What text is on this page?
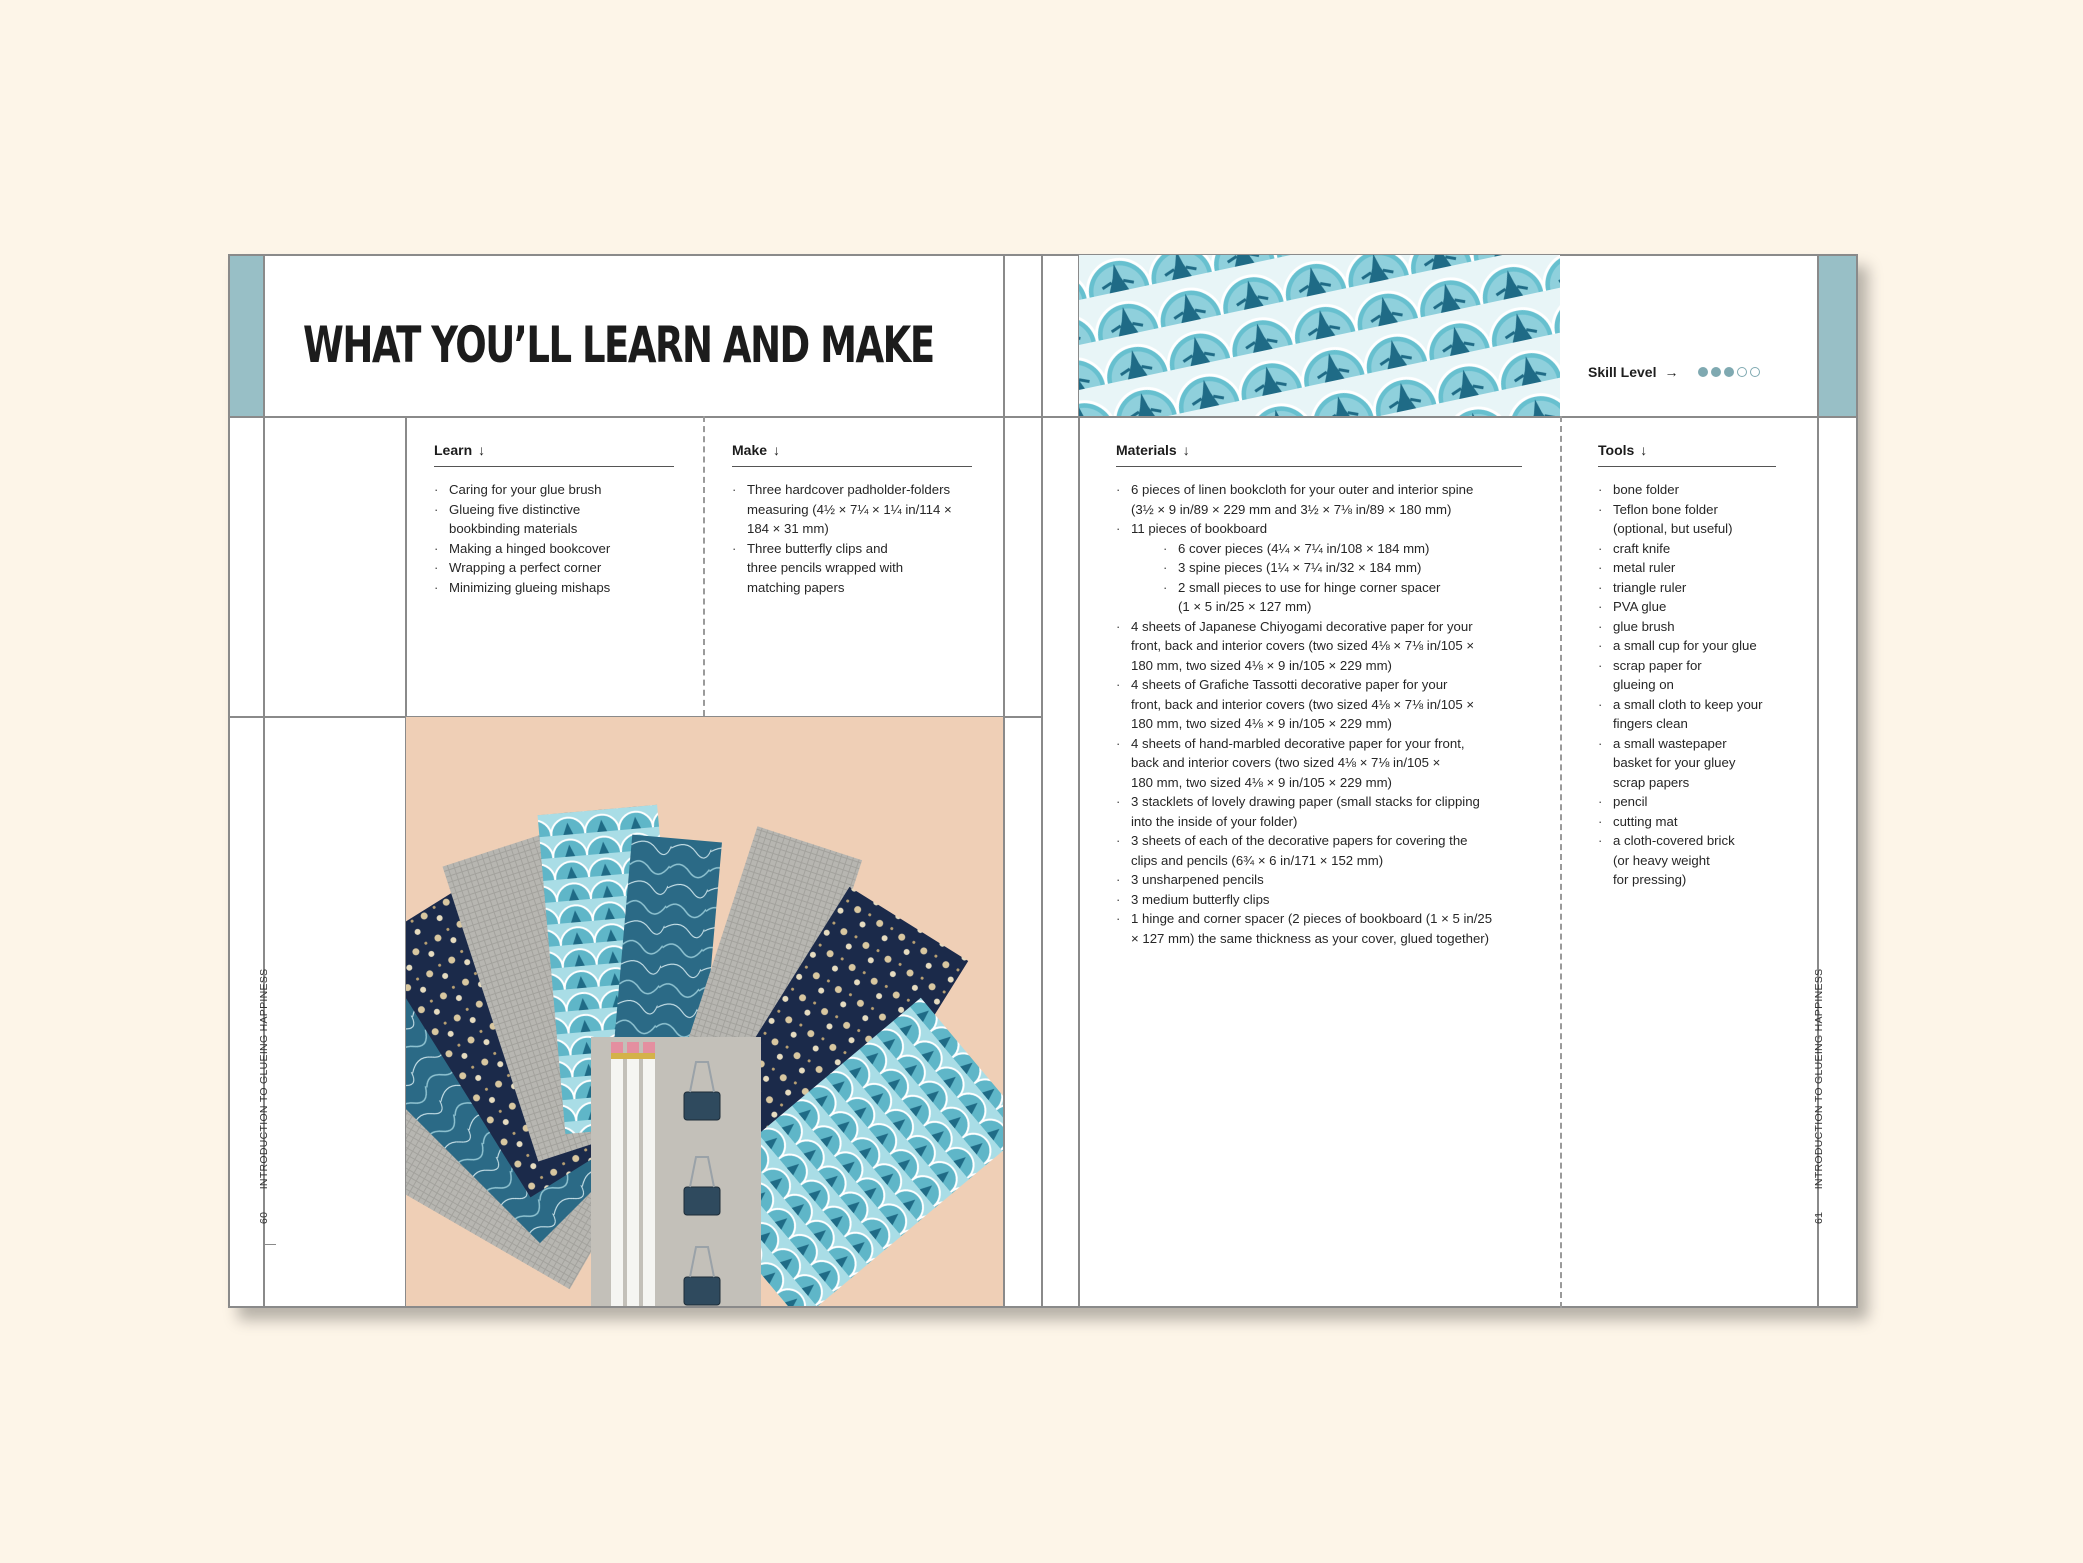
WHAT YOU’LL LEARN AND MAKE
Learn ↓
· Caring for your glue brush
· Glueing five distinctive
bookbinding materials
· Making a hinged bookcover
· Wrapping a perfect corner
· Minimizing glueing mishaps
Make ↓
· Three hardcover padholder-folders
measuring (4½ × 7¼ × 1¼ in/114 ×
184 × 31 mm)
· Three butterfly clips and
three pencils wrapped with
matching papers
60  INTRODUCTION TO GLUEING HAPPINESS
Skill Level →
Materials ↓
· 6 pieces of linen bookcloth for your outer and interior spine
(3½ × 9 in/89 × 229 mm and 3½ × 7⅛ in/89 × 180 mm)
· 11 pieces of bookboard
· 6 cover pieces (4¼ × 7¼ in/108 × 184 mm)
· 3 spine pieces (1¼ × 7¼ in/32 × 184 mm)
· 2 small pieces to use for hinge corner spacer
(1 × 5 in/25 × 127 mm)
· 4 sheets of Japanese Chiyogami decorative paper for your
front, back and interior covers (two sized 4⅛ × 7⅛ in/105 ×
180 mm, two sized 4⅛ × 9 in/105 × 229 mm)
· 4 sheets of Grafiche Tassotti decorative paper for your
front, back and interior covers (two sized 4⅛ × 7⅛ in/105 ×
180 mm, two sized 4⅛ × 9 in/105 × 229 mm)
· 4 sheets of hand-marbled decorative paper for your front,
back and interior covers (two sized 4⅛ × 7⅛ in/105 ×
180 mm, two sized 4⅛ × 9 in/105 × 229 mm)
· 3 stacklets of lovely drawing paper (small stacks for clipping
into the inside of your folder)
· 3 sheets of each of the decorative papers for covering the
clips and pencils (6¾ × 6 in/171 × 152 mm)
· 3 unsharpened pencils
· 3 medium butterfly clips
· 1 hinge and corner spacer (2 pieces of bookboard (1 × 5 in/25
× 127 mm) the same thickness as your cover, glued together)
Tools ↓
· bone folder
· Teflon bone folder
(optional, but useful)
· craft knife
· metal ruler
· triangle ruler
· PVA glue
· glue brush
· a small cup for your glue
· scrap paper for
glueing on
· a small cloth to keep your
fingers clean
· a small wastepaper
basket for your gluey
scrap papers
· pencil
· cutting mat
· a cloth-covered brick
(or heavy weight
for pressing)
61  INTRODUCTION TO GLUEING HAPPINESS
